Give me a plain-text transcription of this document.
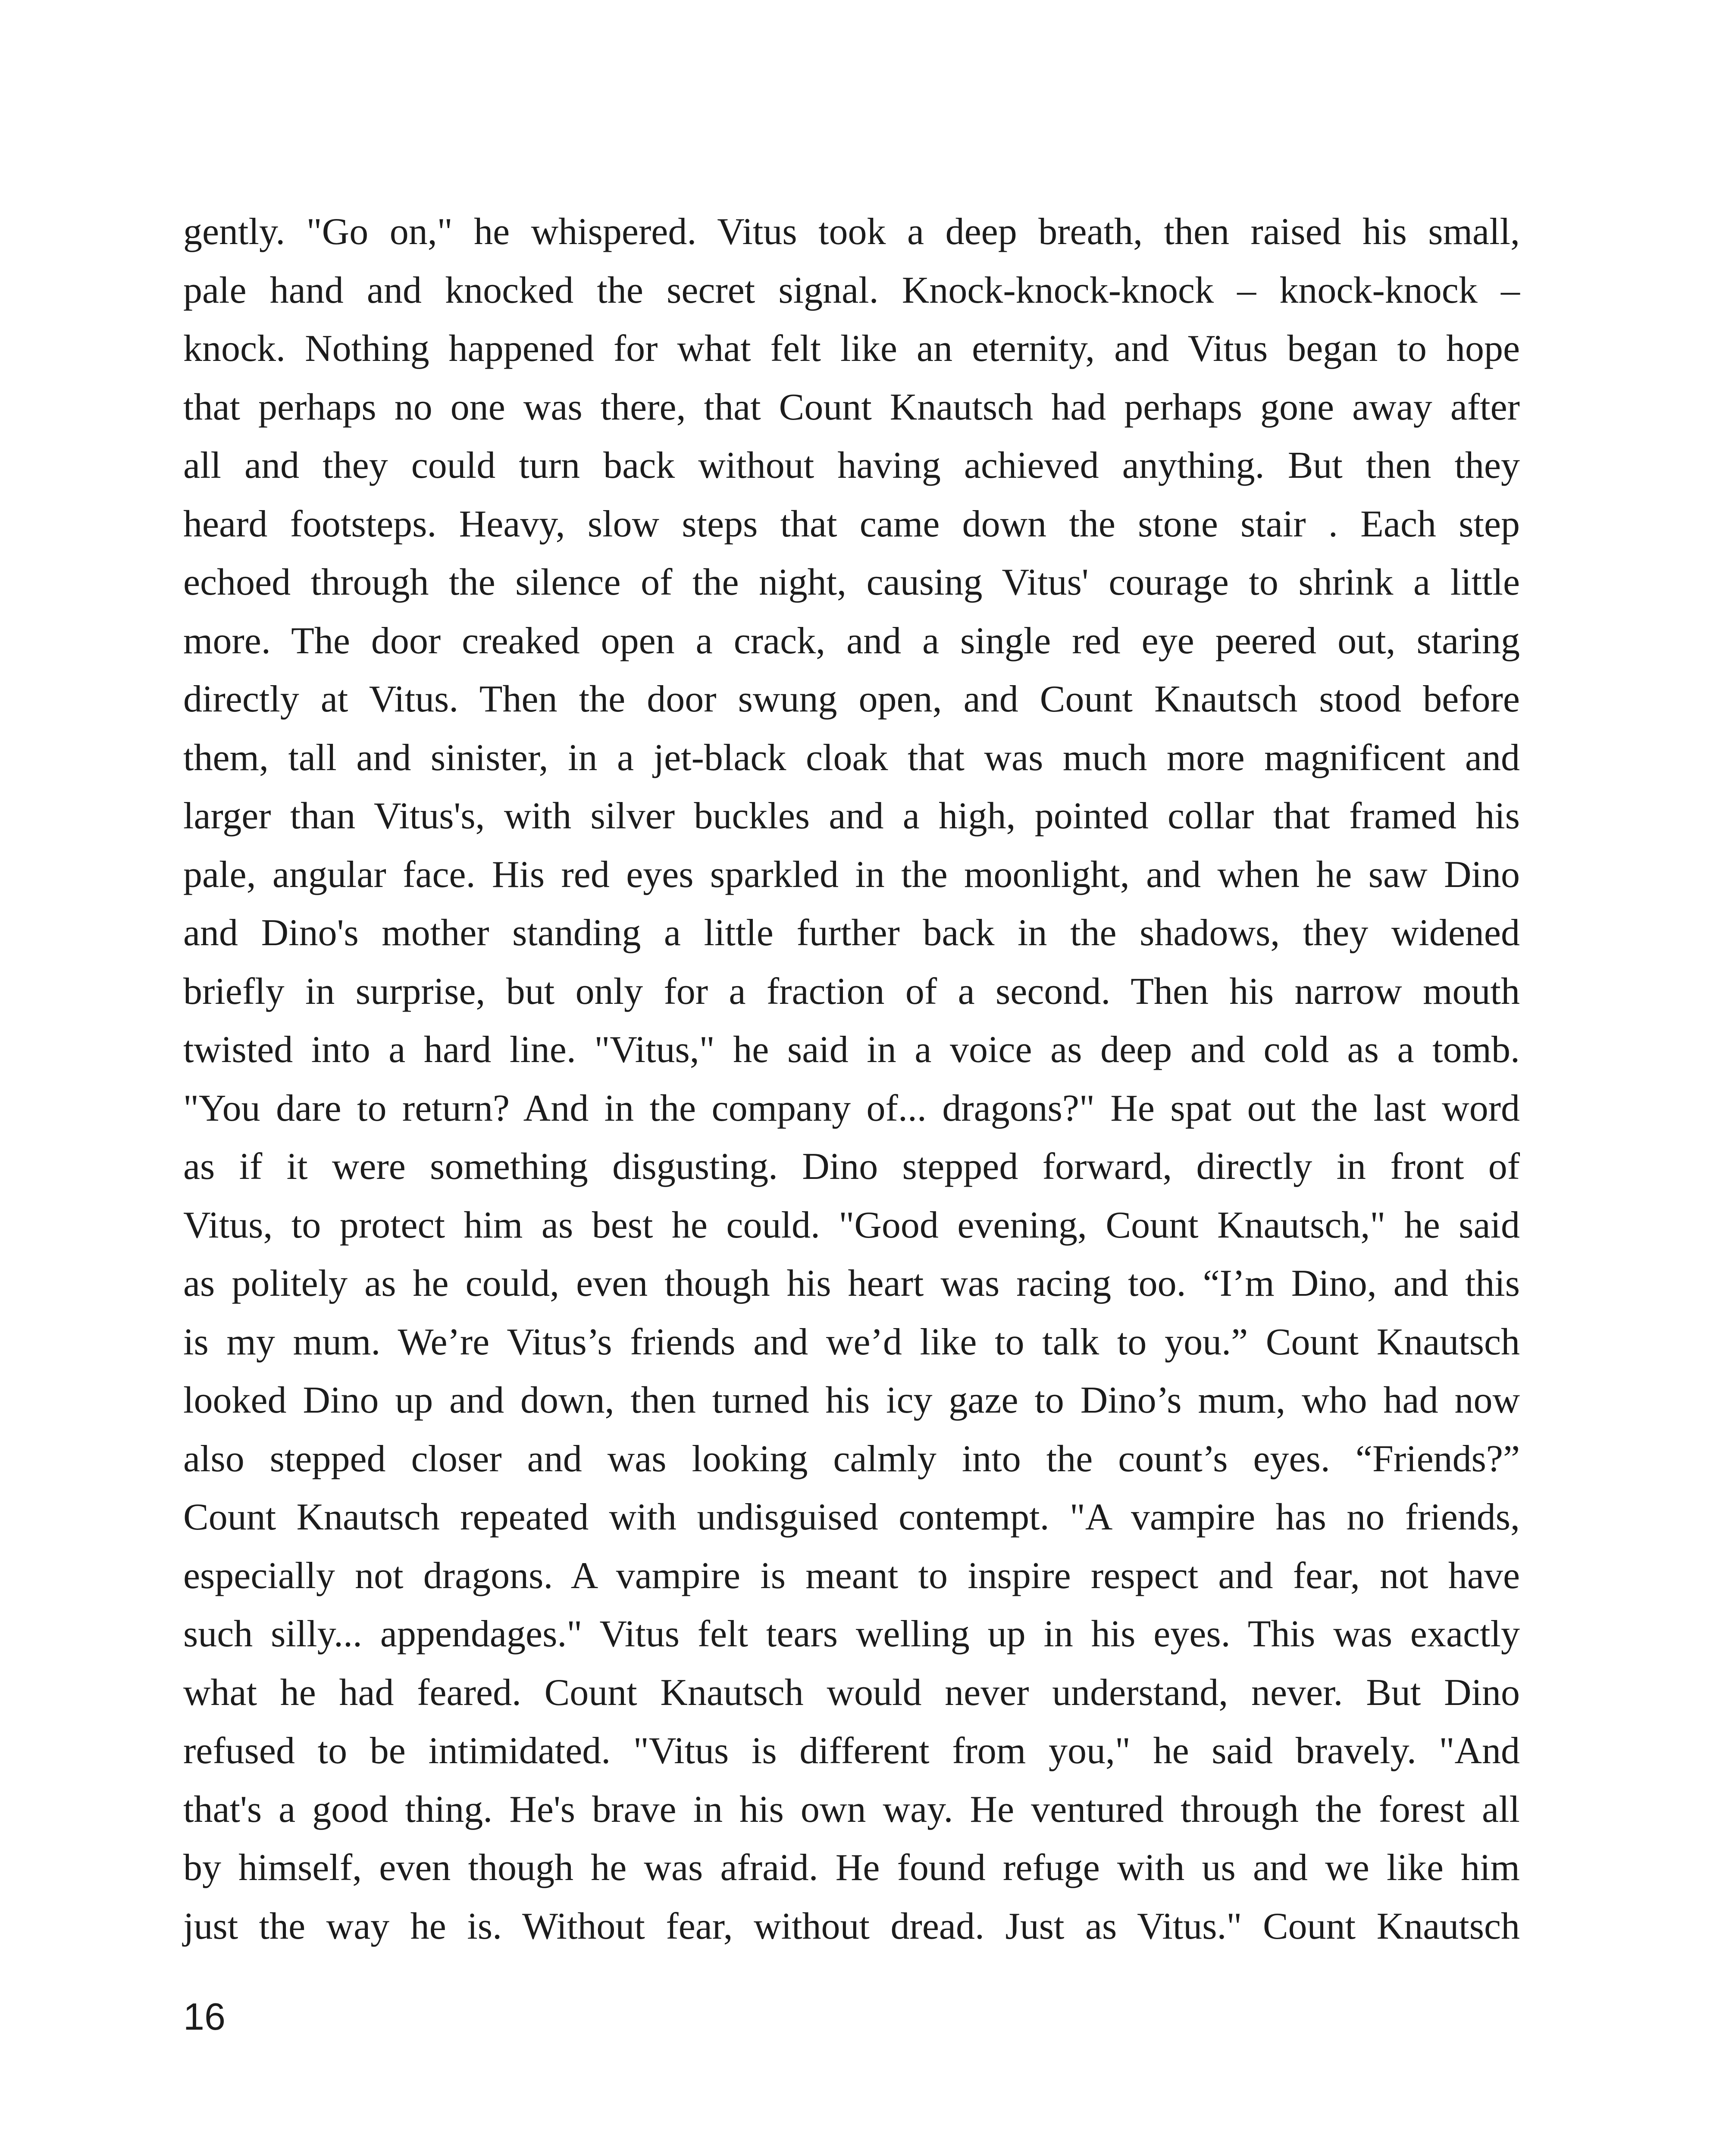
gently. "Go on," he whispered. Vitus took a deep breath, then raised his small,
pale hand and knocked the secret signal. Knock-knock-knock – knock-knock –
knock. Nothing happened for what felt like an eternity, and Vitus began to hope
that perhaps no one was there, that Count Knautsch had perhaps gone away after
all and they could turn back without having achieved anything. But then they
heard footsteps. Heavy, slow steps that came down the stone stair . Each step
echoed through the silence of the night, causing Vitus' courage to shrink a little
more. The door creaked open a crack, and a single red eye peered out, staring
directly at Vitus. Then the door swung open, and Count Knautsch stood before
them, tall and sinister, in a jet-black cloak that was much more magnificent and
larger than Vitus's, with silver buckles and a high, pointed collar that framed his
pale, angular face. His red eyes sparkled in the moonlight, and when he saw Dino
and Dino's mother standing a little further back in the shadows, they widened
briefly in surprise, but only for a fraction of a second. Then his narrow mouth
twisted into a hard line. "Vitus," he said in a voice as deep and cold as a tomb.
"You dare to return? And in the company of... dragons?" He spat out the last word
as if it were something disgusting. Dino stepped forward, directly in front of
Vitus, to protect him as best he could. "Good evening, Count Knautsch," he said
as politely as he could, even though his heart was racing too. “I’m Dino, and this
is my mum. We’re Vitus’s friends and we’d like to talk to you.” Count Knautsch
looked Dino up and down, then turned his icy gaze to Dino’s mum, who had now
also stepped closer and was looking calmly into the count’s eyes. “Friends?”
Count Knautsch repeated with undisguised contempt. "A vampire has no friends,
especially not dragons. A vampire is meant to inspire respect and fear, not have
such silly... appendages." Vitus felt tears welling up in his eyes. This was exactly
what he had feared. Count Knautsch would never understand, never. But Dino
refused to be intimidated. "Vitus is different from you," he said bravely. "And
that's a good thing. He's brave in his own way. He ventured through the forest all
by himself, even though he was afraid. He found refuge with us and we like him
just the way he is. Without fear, without dread. Just as Vitus." Count Knautsch
16
